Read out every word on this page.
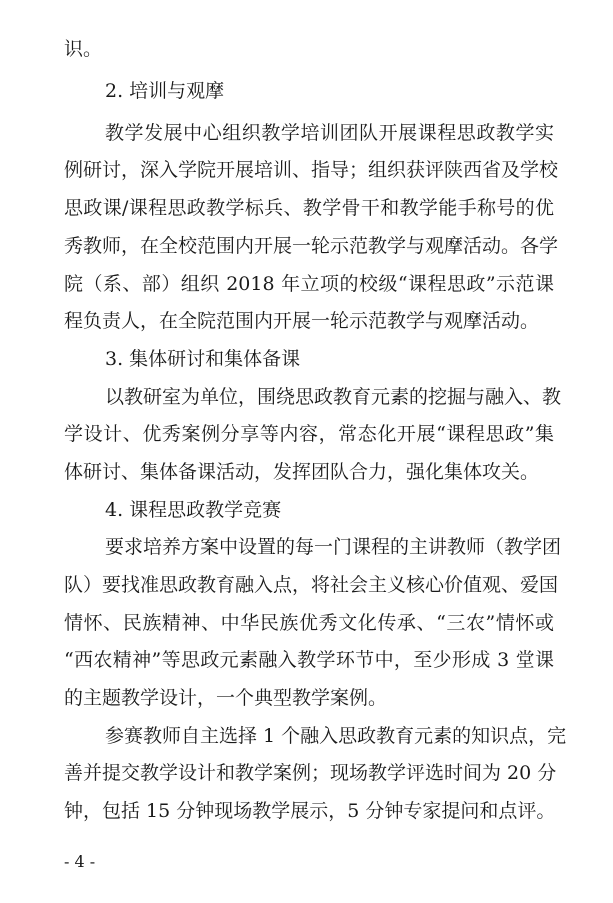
识。
2. 培训与观摩
教学发展中心组织教学培训团队开展课程思政教学实
例研讨，深入学院开展培训、指导；组织获评陕西省及学校
思政课/课程思政教学标兵、教学骨干和教学能手称号的优
秀教师，在全校范围内开展一轮示范教学与观摩活动。各学
院（系、部）组织 2018 年立项的校级“课程思政”示范课
程负责人，在全院范围内开展一轮示范教学与观摩活动。
3. 集体研讨和集体备课
以教研室为单位，围绕思政教育元素的挖掘与融入、教
学设计、优秀案例分享等内容，常态化开展“课程思政”集
体研讨、集体备课活动，发挥团队合力，强化集体攻关。
4. 课程思政教学竞赛
要求培养方案中设置的每一门课程的主讲教师（教学团
队）要找准思政教育融入点，将社会主义核心价值观、爱国
情怀、民族精神、中华民族优秀文化传承、“三农”情怀或
“西农精神”等思政元素融入教学环节中，至少形成 3 堂课
的主题教学设计，一个典型教学案例。
参赛教师自主选择 1 个融入思政教育元素的知识点，完
善并提交教学设计和教学案例；现场教学评选时间为 20 分
钟，包括 15 分钟现场教学展示，5 分钟专家提问和点评。
- 4 -
